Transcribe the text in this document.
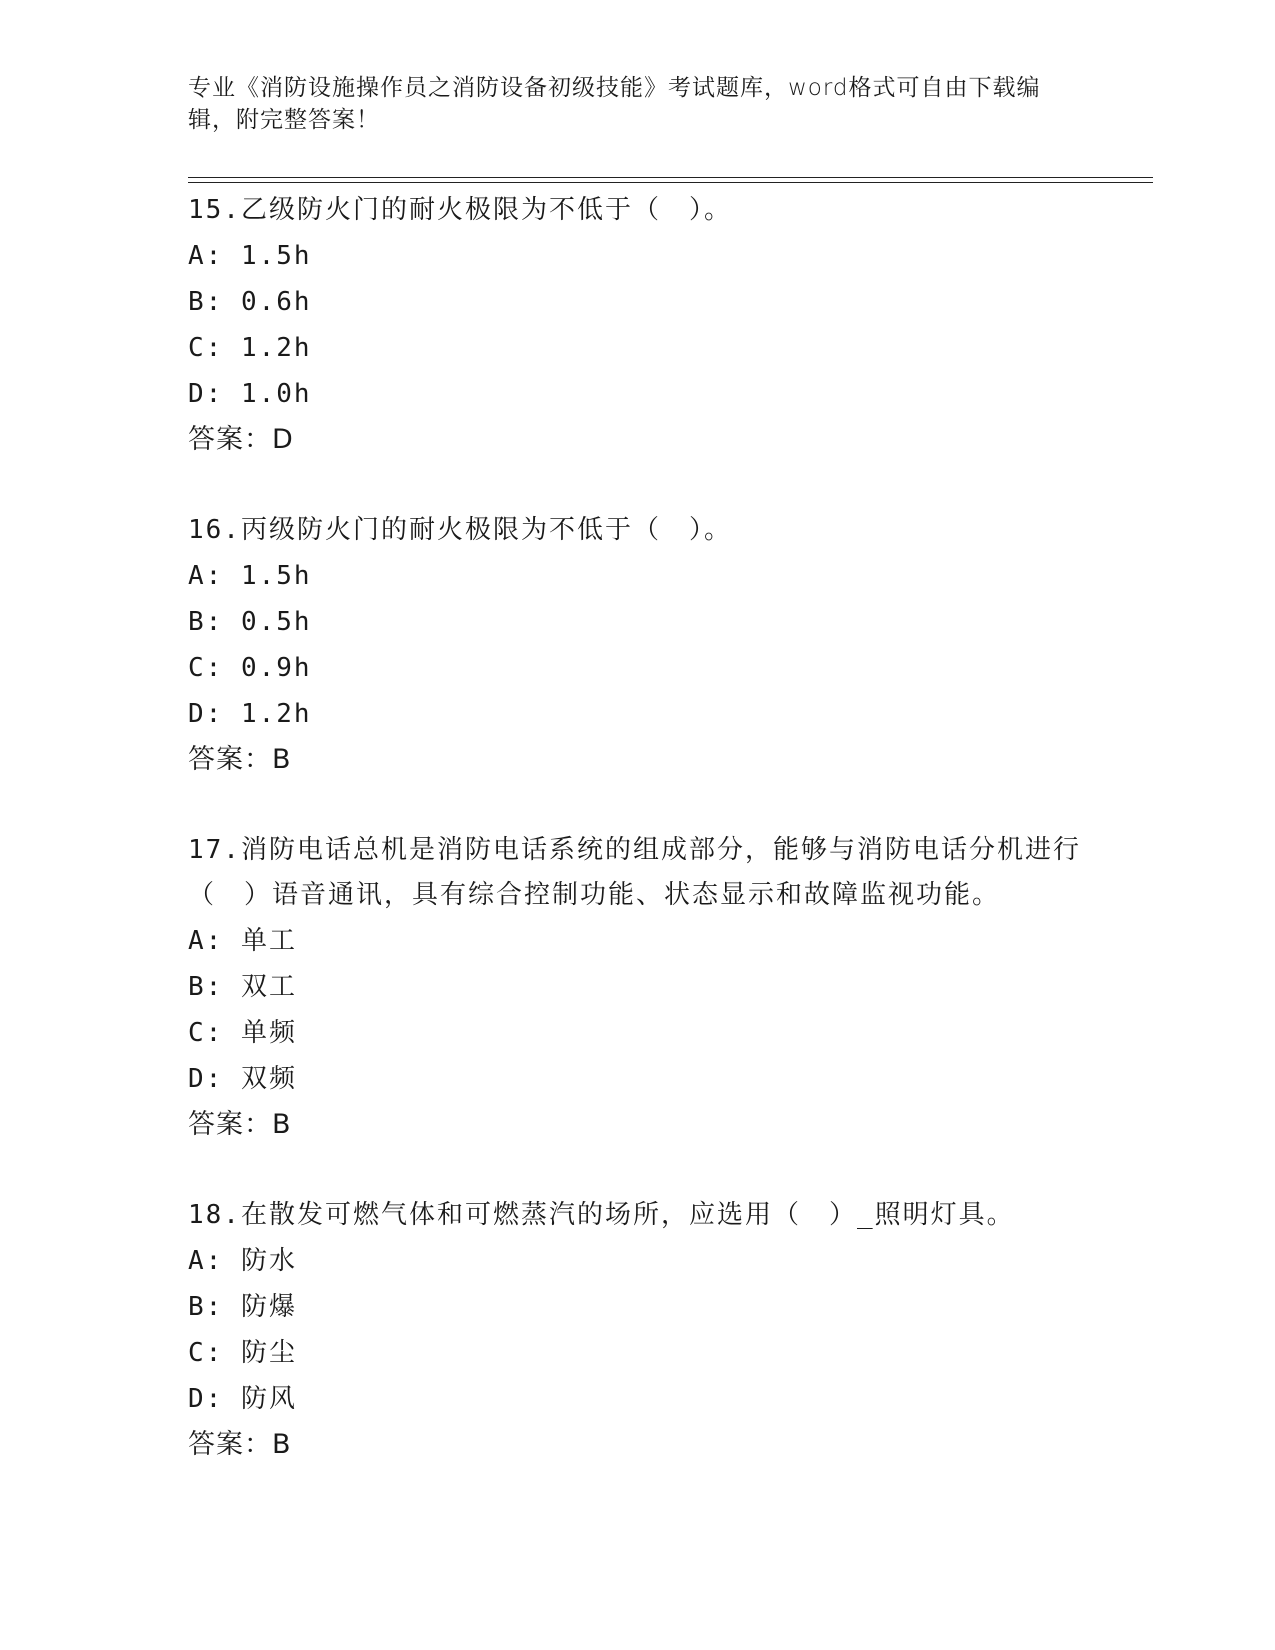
专业《消防设施操作员之消防设备初级技能》考试题库，word格式可自由下载编辑，附完整答案！
15.乙级防火门的耐火极限为不低于（　）。
A: 1.5h
B: 0.6h
C: 1.2h
D: 1.0h
答案：D
16.丙级防火门的耐火极限为不低于（　）。
A: 1.5h
B: 0.5h
C: 0.9h
D: 1.2h
答案：B
17.消防电话总机是消防电话系统的组成部分，能够与消防电话分机进行（　）语音通讯，具有综合控制功能、状态显示和故障监视功能。
A: 单工
B: 双工
C: 单频
D: 双频
答案：B
18.在散发可燃气体和可燃蒸汽的场所，应选用（　）_照明灯具。
A: 防水
B: 防爆
C: 防尘
D: 防风
答案：B
